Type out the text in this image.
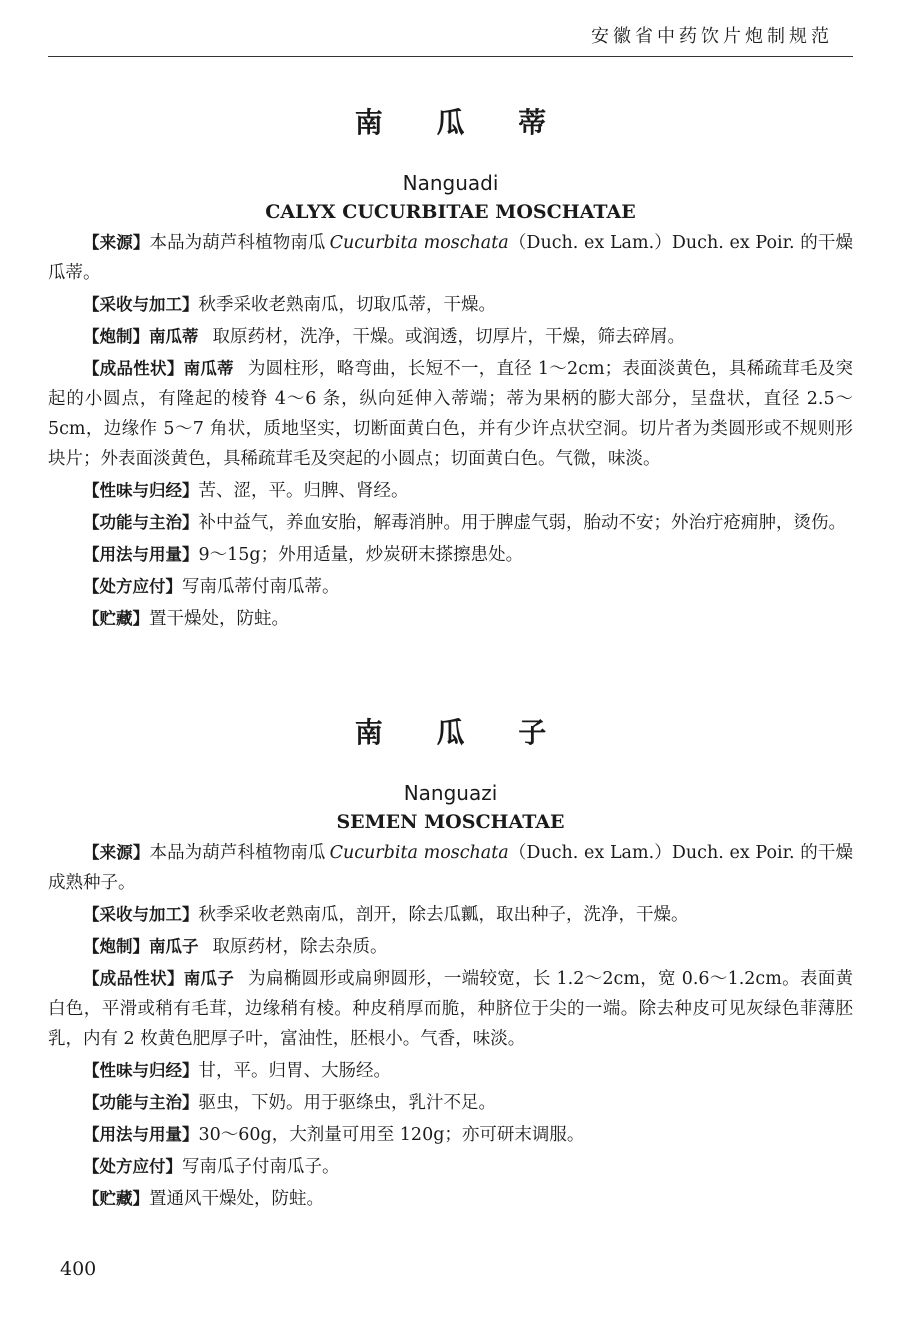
安徽省中药饮片炮制规范
南 瓜 蒂
Nanguadi
CALYX CUCURBITAE MOSCHATAE

【来源】本品为葫芦科植物南瓜 Cucurbita moschata（Duch. ex Lam.）Duch. ex Poir. 的干燥瓜蒂。

【采收与加工】秋季采收老熟南瓜，切取瓜蒂，干燥。

【炮制】南瓜蒂 取原药材，洗净，干燥。或润透，切厚片，干燥，筛去碎屑。

【成品性状】南瓜蒂 为圆柱形，略弯曲，长短不一，直径 1～2cm；表面淡黄色，具稀疏茸毛及突起的小圆点，有隆起的棱脊 4～6 条，纵向延伸入蒂端；蒂为果柄的膨大部分，呈盘状，直径 2.5～5cm，边缘作 5～7 角状，质地坚实，切断面黄白色，并有少许点状空洞。切片者为类圆形或不规则形块片；外表面淡黄色，具稀疏茸毛及突起的小圆点；切面黄白色。气微，味淡。

【性味与归经】苦、涩，平。归脾、肾经。

【功能与主治】补中益气，养血安胎，解毒消肿。用于脾虚气弱，胎动不安；外治疔疮痈肿，烫伤。

【用法与用量】9～15g；外用适量，炒炭研末搽擦患处。

【处方应付】写南瓜蒂付南瓜蒂。

【贮藏】置干燥处，防蛀。

南 瓜 子
Nanguazi
SEMEN MOSCHATAE

【来源】本品为葫芦科植物南瓜 Cucurbita moschata（Duch. ex Lam.）Duch. ex Poir. 的干燥成熟种子。

【采收与加工】秋季采收老熟南瓜，剖开，除去瓜瓤，取出种子，洗净，干燥。

【炮制】南瓜子 取原药材，除去杂质。

【成品性状】南瓜子 为扁椭圆形或扁卵圆形，一端较宽，长 1.2～2cm，宽 0.6～1.2cm。表面黄白色，平滑或稍有毛茸，边缘稍有棱。种皮稍厚而脆，种脐位于尖的一端。除去种皮可见灰绿色菲薄胚乳，内有 2 枚黄色肥厚子叶，富油性，胚根小。气香，味淡。

【性味与归经】甘，平。归胃、大肠经。

【功能与主治】驱虫，下奶。用于驱绦虫，乳汁不足。

【用法与用量】30～60g，大剂量可用至 120g；亦可研末调服。

【处方应付】写南瓜子付南瓜子。

【贮藏】置通风干燥处，防蛀。

400
